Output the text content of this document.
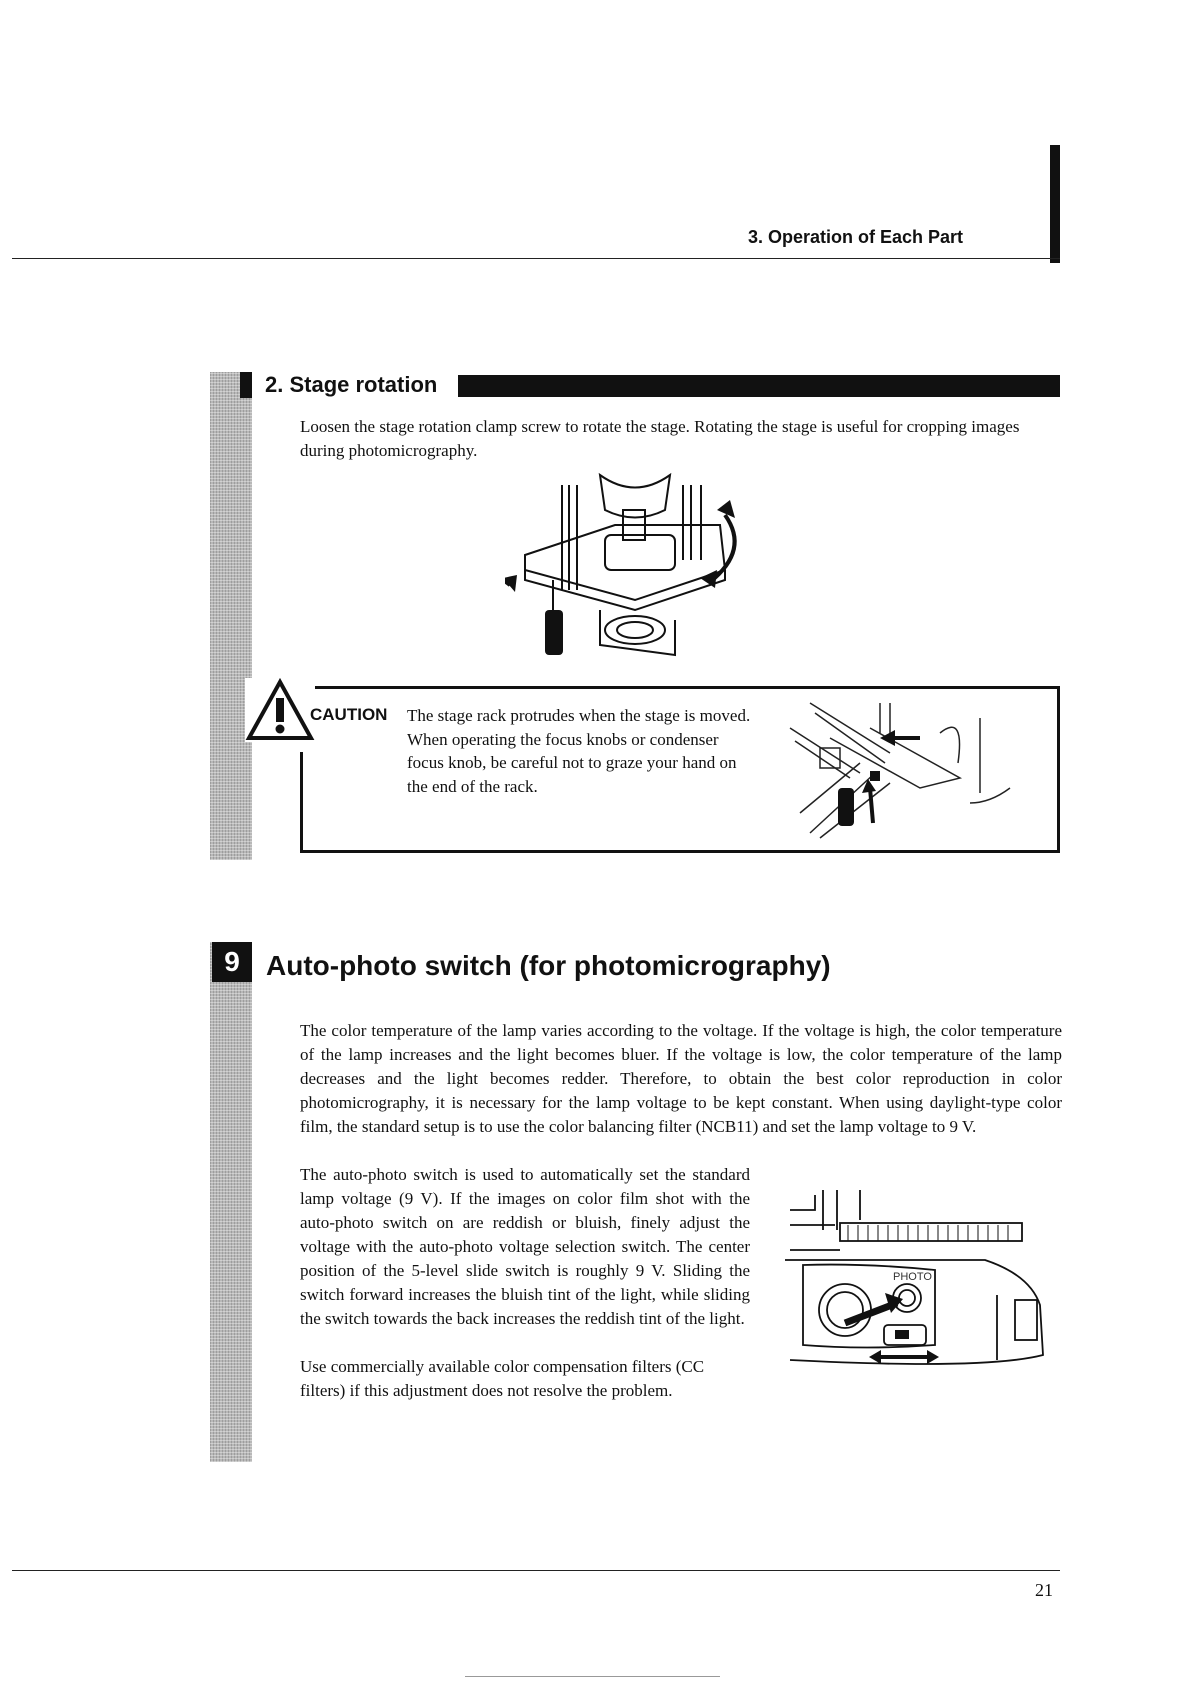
3. Operation of Each Part
2. Stage rotation
Loosen the stage rotation clamp screw to rotate the stage. Rotating the stage is useful for cropping images during photomicrography.
CAUTION The stage rack protrudes when the stage is moved. When operating the focus knobs or condenser focus knob, be careful not to graze your hand on the end of the rack.
9 Auto-photo switch (for photomicrography)
The color temperature of the lamp varies according to the voltage. If the voltage is high, the color temperature of the lamp increases and the light becomes bluer. If the voltage is low, the color temperature of the lamp decreases and the light becomes redder. Therefore, to obtain the best color reproduction in color photomicrography, it is necessary for the lamp voltage to be kept constant. When using daylight-type color film, the standard setup is to use the color balancing filter (NCB11) and set the lamp voltage to 9 V.
The auto-photo switch is used to automatically set the standard lamp voltage (9 V). If the images on color film shot with the auto-photo switch on are reddish or bluish, finely adjust the voltage with the auto-photo voltage selection switch. The center position of the 5-level slide switch is roughly 9 V. Sliding the switch forward increases the bluish tint of the light, while sliding the switch towards the back increases the reddish tint of the light.
Use commercially available color compensation filters (CC filters) if this adjustment does not resolve the problem.
PHOTO
21
